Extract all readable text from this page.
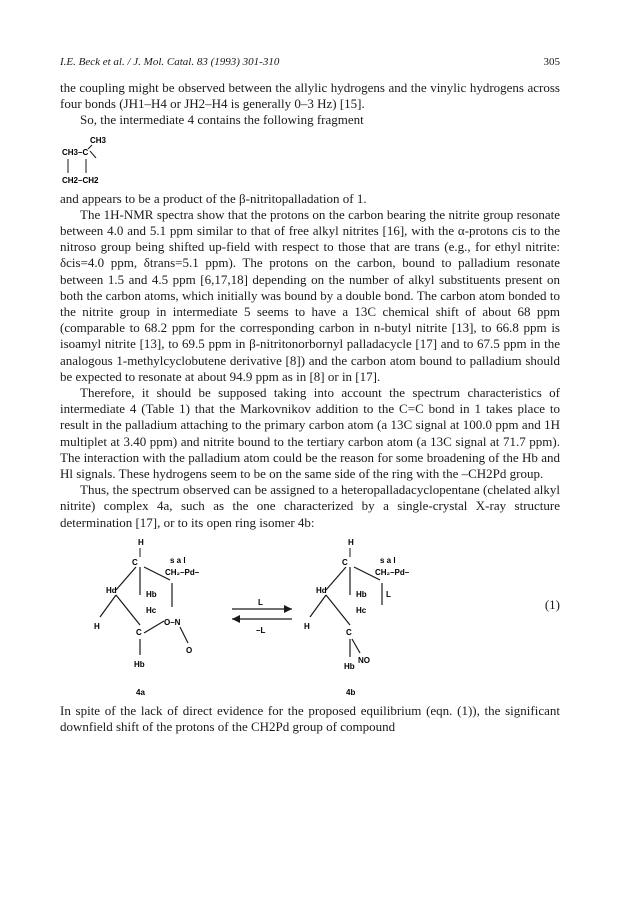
I.E. Beck et al. / J. Mol. Catal. 83 (1993) 301-310	305

the coupling might be observed between the allylic hydrogens and the vinylic hydrogens across four bonds (JH1–H4 or JH2–H4 is generally 0–3 Hz) [15].

So, the intermediate 4 contains the following fragment

CH3
CH3–C
CH2–CH2

and appears to be a product of the β-nitritopalladation of 1.

The 1H-NMR spectra show that the protons on the carbon bearing the nitrite group resonate between 4.0 and 5.1 ppm similar to that of free alkyl nitrites [16], with the α-protons cis to the nitroso group being shifted up-field with respect to those that are trans (e.g., for ethyl nitrite: δcis=4.0 ppm, δtrans=5.1 ppm). The protons on the carbon, bound to palladium resonate between 1.5 and 4.5 ppm [6,17,18] depending on the number of alkyl substituents present on both the carbon atoms, which initially was bound by a double bond. The carbon atom bonded to the nitrite group in intermediate 5 seems to have a 13C chemical shift of about 68 ppm (comparable to 68.2 ppm for the corresponding carbon in n-butyl nitrite [13], to 66.8 ppm is isoamyl nitrite [13], to 69.5 ppm in β-nitritonorbornyl palladacycle [17] and to 67.5 ppm in the analogous 1-methylcyclobutene derivative [8]) and the carbon atom bound to palladium should be expected to resonate at about 94.9 ppm as in [8] or in [17].

Therefore, it should be supposed taking into account the spectrum characteristics of intermediate 4 (Table 1) that the Markovnikov addition to the C=C bond in 1 takes place to result in the palladium attaching to the primary carbon atom (a 13C signal at 100.0 ppm and 1H multiplet at 3.40 ppm) and nitrite bound to the tertiary carbon atom (a 13C signal at 71.7 ppm). The interaction with the palladium atom could be the reason for some broadening of the Hb and Hl signals. These hydrogens seem to be on the same side of the ring with the –CH2Pd group.

Thus, the spectrum observed can be assigned to a heteropalladacyclopentane (chelated alkyl nitrite) complex 4a, such as the one characterized by a single-crystal X-ray structure determination [17], or to its open ring isomer 4b:

H
C	s a l
CH₂–Pd–
Hd	Hb
Hc
H
C
O–N
O
Hb
4a
L
–L
H
C	s a l
CH₂–Pd–
Hd	Hb
Hc
L
H
C
NO
Hb
4b
(1)

In spite of the lack of direct evidence for the proposed equilibrium (eqn. (1)), the significant downfield shift of the protons of the CH2Pd group of compound
